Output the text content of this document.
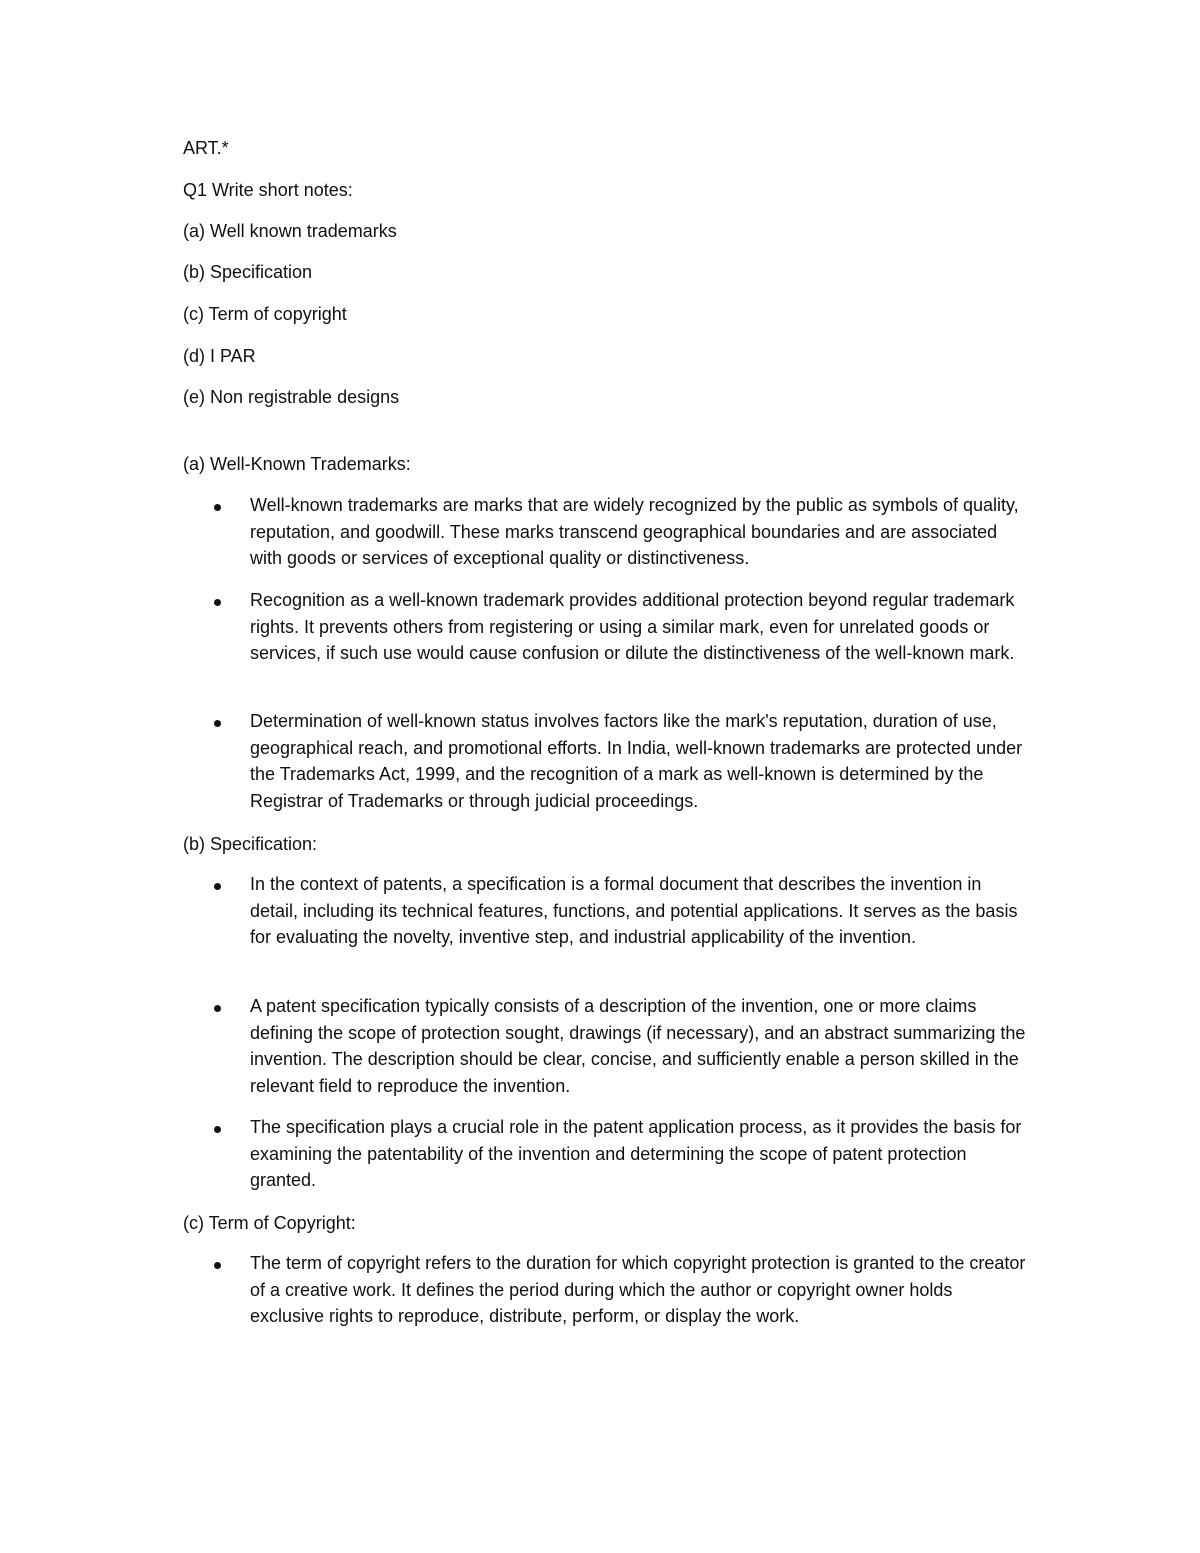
ART.*

Q1 Write short notes:

(a) Well known trademarks

(b) Specification

(c) Term of copyright

(d) I PAR

(e) Non registrable designs

(a) Well-Known Trademarks:

Well-known trademarks are marks that are widely recognized by the public as symbols of quality, reputation, and goodwill. These marks transcend geographical boundaries and are associated with goods or services of exceptional quality or distinctiveness.

Recognition as a well-known trademark provides additional protection beyond regular trademark rights. It prevents others from registering or using a similar mark, even for unrelated goods or services, if such use would cause confusion or dilute the distinctiveness of the well-known mark.

Determination of well-known status involves factors like the mark's reputation, duration of use, geographical reach, and promotional efforts. In India, well-known trademarks are protected under the Trademarks Act, 1999, and the recognition of a mark as well-known is determined by the Registrar of Trademarks or through judicial proceedings.

(b) Specification:

In the context of patents, a specification is a formal document that describes the invention in detail, including its technical features, functions, and potential applications. It serves as the basis for evaluating the novelty, inventive step, and industrial applicability of the invention.

A patent specification typically consists of a description of the invention, one or more claims defining the scope of protection sought, drawings (if necessary), and an abstract summarizing the invention. The description should be clear, concise, and sufficiently enable a person skilled in the relevant field to reproduce the invention.

The specification plays a crucial role in the patent application process, as it provides the basis for examining the patentability of the invention and determining the scope of patent protection granted.

(c) Term of Copyright:

The term of copyright refers to the duration for which copyright protection is granted to the creator of a creative work. It defines the period during which the author or copyright owner holds exclusive rights to reproduce, distribute, perform, or display the work.
